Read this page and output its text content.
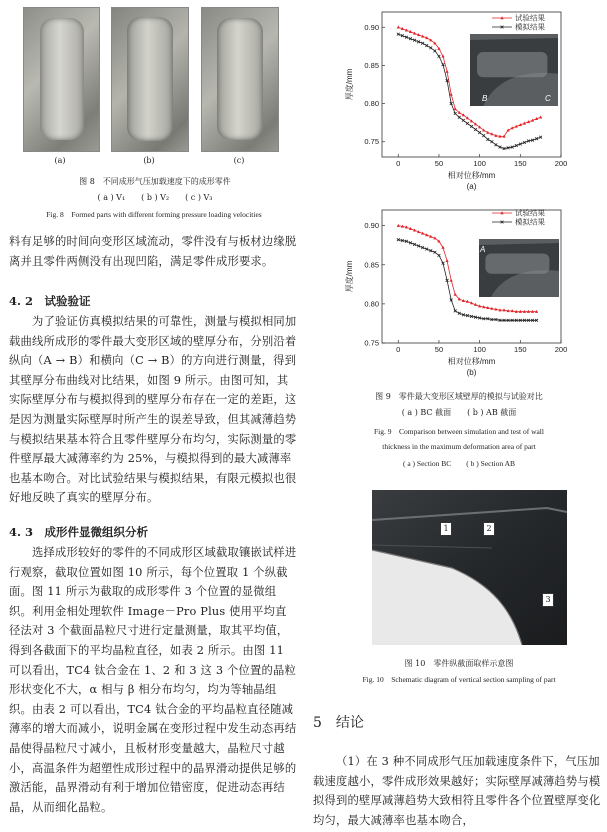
(a)	(b)	(c)
图 8　不同成形气压加载速度下的成形零件
( a ) V₁　　( b ) V₂　　( c ) V₃
Fig. 8　Formed parts with different forming pressure loading velocities

料有足够的时间向变形区域流动，零件没有与板材边缘脱离并且零件两侧没有出现凹陷，满足零件成形要求。

4. 2　试验验证

为了验证仿真模拟结果的可靠性，测量与模拟相同加载曲线所成形的零件最大变形区域的壁厚分布，分别沿着纵向（A → B）和横向（C → B）的方向进行测量，得到其壁厚分布曲线对比结果，如图 9 所示。由图可知，其实际壁厚分布与模拟得到的壁厚分布存在一定的差距，这是因为测量实际壁厚时所产生的误差导致，但其减薄趋势与模拟结果基本符合且零件壁厚分布均匀，实际测量的零件壁厚最大减薄率约为 25%，与模拟得到的最大减薄率也基本吻合。对比试验结果与模拟结果，有限元模拟也很好地反映了真实的壁厚分布。

4. 3　成形件显微组织分析

选择成形较好的零件的不同成形区域截取镶嵌试样进行观察，截取位置如图 10 所示，每个位置取 1 个纵截面。图 11 所示为截取的成形零件 3 个位置的显微组织。利用金相处理软件 Image－Pro Plus 使用平均直径法对 3 个截面晶粒尺寸进行定量测量，取其平均值，得到各截面下的平均晶粒直径，如表 2 所示。由图 11 可以看出，TC4 钛合金在 1、2 和 3 这 3 个位置的晶粒形状变化不大，α 相与 β 相分布均匀，均为等轴晶组织。由表 2 可以看出，TC4 钛合金的平均晶粒直径随减薄率的增大而减小，说明金属在变形过程中发生动态再结晶使得晶粒尺寸减小，且板材形变量越大，晶粒尺寸越小，高温条件为超塑性成形过程中的晶界滑动提供足够的激活能，晶界滑动有利于增加位错密度，促进动态再结晶，从而细化晶粒。

0	50	100	150	200
0.75
0.80
0.85
0.90
相对位移/mm
厚度/mm
(a)
B	C
试验结果
模拟结果
0	50	100	150	200
0.75
0.80
0.85
0.90
相对位移/mm
厚度/mm
(b)
A
B
试验结果
模拟结果
图 9　零件最大变形区域壁厚的模拟与试验对比
( a ) BC 截面　　( b ) AB 截面
Fig. 9　Comparison between simulation and test of wall
thickness in the maximum deformation area of part
( a ) Section BC　　( b ) Section AB
1	2
3
图 10　零件纵截面取样示意图
Fig. 10　Schematic diagram of vertical section sampling of part
5　结论

（1）在 3 种不同成形气压加载速度条件下，气压加载速度越小，零件成形效果越好；实际壁厚减薄趋势与模拟得到的壁厚减薄趋势大致相符且零件各个位置壁厚变化均匀，最大减薄率也基本吻合，
